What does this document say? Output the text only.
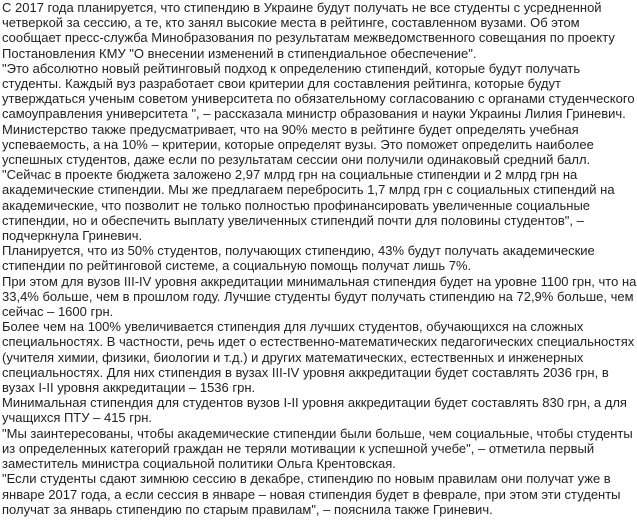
С 2017 года планируется, что стипендию в Украине будут получать не все студенты с усредненной четверкой за сессию, а те, кто занял высокие места в рейтинге, составленном вузами. Об этом сообщает пресс-служба Минобразования по результатам межведомственного совещания по проекту Постановления КМУ "О внесении изменений в стипендиальное обеспечение".

"Это абсолютно новый рейтинговый подход к определению стипендий, которые будут получать студенты. Каждый вуз разработает свои критерии для составления рейтинга, которые будут утверждаться ученым советом университета по обязательному согласованию с органами студенческого самоуправления университета ", – рассказала министр образования и науки Украины Лилия Гриневич.

Министерство также предусматривает, что на 90% место в рейтинге будет определять учебная успеваемость, а на 10% – критерии, которые определят вузы. Это поможет определить наиболее успешных студентов, даже если по результатам сессии они получили одинаковый средний балл.

"Сейчас в проекте бюджета заложено 2,97 млрд грн на социальные стипендии и 2 млрд грн на академические стипендии. Мы же предлагаем перебросить 1,7 млрд грн с социальных стипендий на академические, что позволит не только полностью профинансировать увеличенные социальные стипендии, но и обеспечить выплату увеличенных стипендий почти для половины студентов", – подчеркнула Гриневич.

Планируется, что из 50% студентов, получающих стипендию, 43% будут получать академические стипендии по рейтинговой системе, а социальную помощь получат лишь 7%.

При этом для вузов III-IV уровня аккредитации минимальная стипендия будет на уровне 1100 грн, что на 33,4% больше, чем в прошлом году. Лучшие студенты будут получать стипендию на 72,9% больше, чем сейчас – 1600 грн.

Более чем на 100% увеличивается стипендия для лучших студентов, обучающихся на сложных специальностях. В частности, речь идет о естественно-математических педагогических специальностях (учителя химии, физики, биологии и т.д.) и других математических, естественных и инженерных специальностях. Для них стипендия в вузах III-IV уровня аккредитации будет составлять 2036 грн, в вузах I-II уровня аккредитации – 1536 грн.

Минимальная стипендия для студентов вузов I-II уровня аккредитации будет составлять 830 грн, а для учащихся ПТУ – 415 грн.

"Мы заинтересованы, чтобы академические стипендии были больше, чем социальные, чтобы студенты из определенных категорий граждан не теряли мотивации к успешной учебе", – отметила первый заместитель министра социальной политики Ольга Крентовская.

"Если студенты сдают зимнюю сессию в декабре, стипендию по новым правилам они получат уже в январе 2017 года, а если сессия в январе – новая стипендия будет в феврале, при этом эти студенты получат за январь стипендию по старым правилам", – пояснила также Гриневич.
